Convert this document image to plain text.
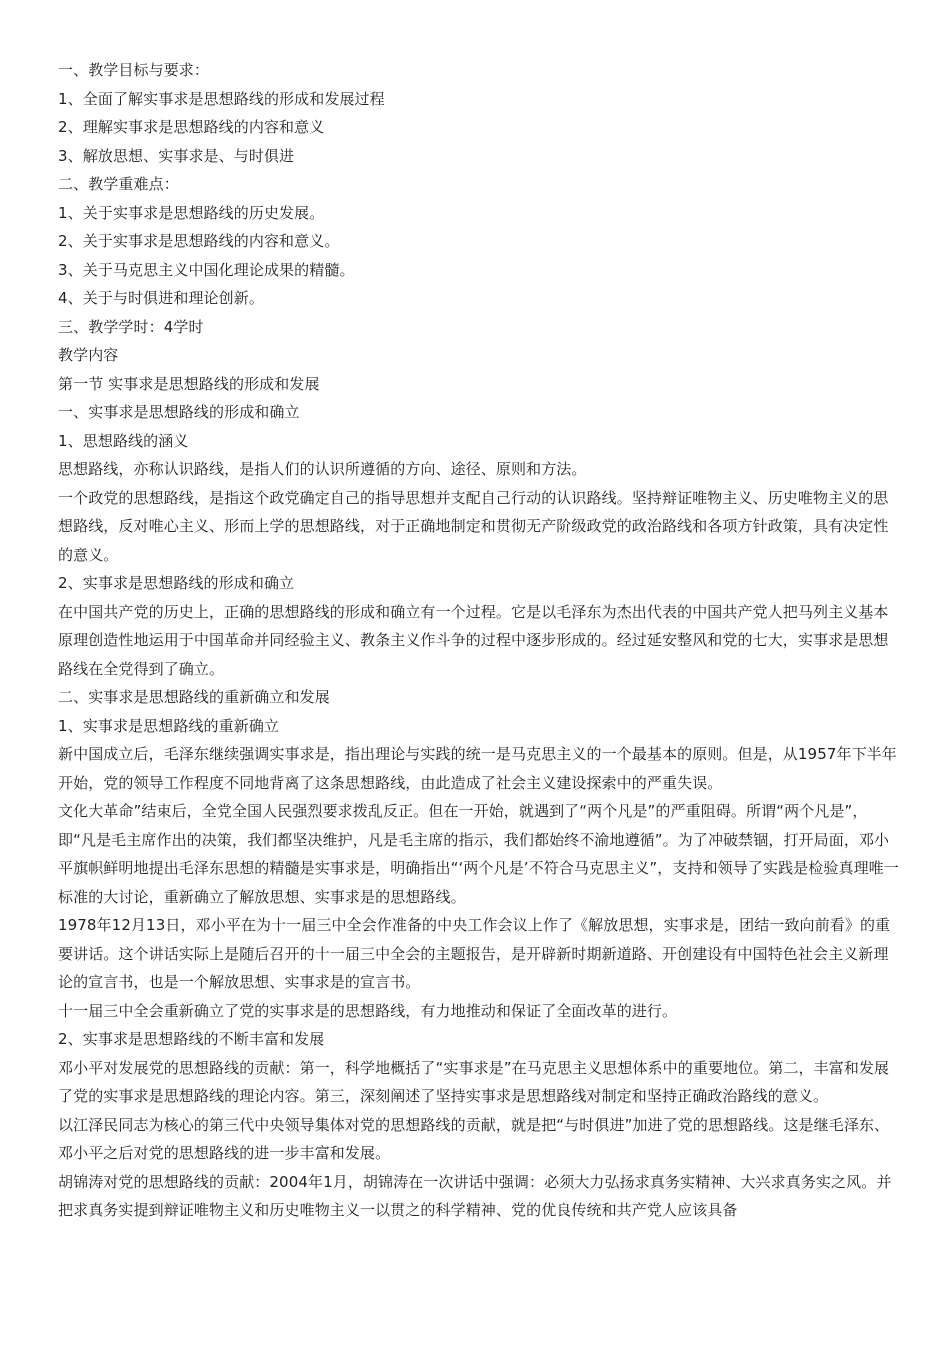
一、教学目标与要求：

1、全面了解实事求是思想路线的形成和发展过程

2、理解实事求是思想路线的内容和意义

3、解放思想、实事求是、与时俱进

二、教学重难点：

1、关于实事求是思想路线的历史发展。

2、关于实事求是思想路线的内容和意义。

3、关于马克思主义中国化理论成果的精髓。

4、关于与时俱进和理论创新。

三、教学学时：4学时

教学内容

第一节 实事求是思想路线的形成和发展

一、实事求是思想路线的形成和确立

1、思想路线的涵义

思想路线，亦称认识路线，是指人们的认识所遵循的方向、途径、原则和方法。

一个政党的思想路线，是指这个政党确定自己的指导思想并支配自己行动的认识路线。坚持辩证唯物主义、历史唯物主义的思想路线，反对唯心主义、形而上学的思想路线，对于正确地制定和贯彻无产阶级政党的政治路线和各项方针政策，具有决定性的意义。

2、实事求是思想路线的形成和确立

在中国共产党的历史上，正确的思想路线的形成和确立有一个过程。它是以毛泽东为杰出代表的中国共产党人把马列主义基本原理创造性地运用于中国革命并同经验主义、教条主义作斗争的过程中逐步形成的。经过延安整风和党的七大，实事求是思想路线在全党得到了确立。

二、实事求是思想路线的重新确立和发展

1、实事求是思想路线的重新确立

新中国成立后，毛泽东继续强调实事求是，指出理论与实践的统一是马克思主义的一个最基本的原则。但是，从1957年下半年开始，党的领导工作程度不同地背离了这条思想路线，由此造成了社会主义建设探索中的严重失误。

文化大革命”结束后，全党全国人民强烈要求拨乱反正。但在一开始，就遇到了“两个凡是”的严重阻碍。所谓“两个凡是”，即“凡是毛主席作出的决策，我们都坚决维护，凡是毛主席的指示，我们都始终不渝地遵循”。为了冲破禁锢，打开局面，邓小平旗帜鲜明地提出毛泽东思想的精髓是实事求是，明确指出“‘两个凡是’不符合马克思主义”，支持和领导了实践是检验真理唯一标准的大讨论，重新确立了解放思想、实事求是的思想路线。

1978年12月13日，邓小平在为十一届三中全会作准备的中央工作会议上作了《解放思想，实事求是，团结一致向前看》的重要讲话。这个讲话实际上是随后召开的十一届三中全会的主题报告，是开辟新时期新道路、开创建设有中国特色社会主义新理论的宣言书，也是一个解放思想、实事求是的宣言书。

十一届三中全会重新确立了党的实事求是的思想路线，有力地推动和保证了全面改革的进行。

2、实事求是思想路线的不断丰富和发展

邓小平对发展党的思想路线的贡献：第一，科学地概括了“实事求是”在马克思主义思想体系中的重要地位。第二，丰富和发展了党的实事求是思想路线的理论内容。第三，深刻阐述了坚持实事求是思想路线对制定和坚持正确政治路线的意义。

以江泽民同志为核心的第三代中央领导集体对党的思想路线的贡献，就是把“与时俱进”加进了党的思想路线。这是继毛泽东、邓小平之后对党的思想路线的进一步丰富和发展。

胡锦涛对党的思想路线的贡献：2004年1月，胡锦涛在一次讲话中强调：必须大力弘扬求真务实精神、大兴求真务实之风。并把求真务实提到辩证唯物主义和历史唯物主义一以贯之的科学精神、党的优良传统和共产党人应该具备
